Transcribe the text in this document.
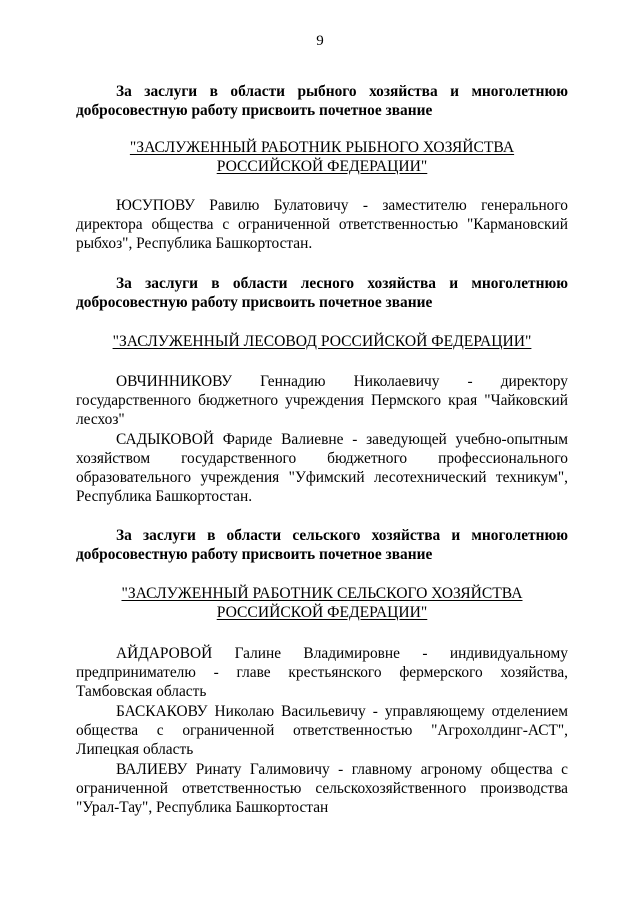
9
За заслуги в области рыбного хозяйства и многолетнюю добросовестную работу присвоить почетное звание
"ЗАСЛУЖЕННЫЙ РАБОТНИК РЫБНОГО ХОЗЯЙСТВА
РОССИЙСКОЙ ФЕДЕРАЦИИ"
ЮСУПОВУ Равилю Булатовичу - заместителю генерального директора общества с ограниченной ответственностью "Кармановский рыбхоз", Республика Башкортостан.
За заслуги в области лесного хозяйства и многолетнюю добросовестную работу присвоить почетное звание
"ЗАСЛУЖЕННЫЙ ЛЕСОВОД РОССИЙСКОЙ ФЕДЕРАЦИИ"
ОВЧИННИКОВУ Геннадию Николаевичу - директору государственного бюджетного учреждения Пермского края "Чайковский лесхоз"
САДЫКОВОЙ Фариде Валиевне - заведующей учебно-опытным хозяйством государственного бюджетного профессионального образовательного учреждения "Уфимский лесотехнический техникум", Республика Башкортостан.
За заслуги в области сельского хозяйства и многолетнюю добросовестную работу присвоить почетное звание
"ЗАСЛУЖЕННЫЙ РАБОТНИК СЕЛЬСКОГО ХОЗЯЙСТВА
РОССИЙСКОЙ ФЕДЕРАЦИИ"
АЙДАРОВОЙ Галине Владимировне - индивидуальному предпринимателю - главе крестьянского фермерского хозяйства, Тамбовская область
БАСКАКОВУ Николаю Васильевичу - управляющему отделением общества с ограниченной ответственностью "Агрохолдинг-АСТ", Липецкая область
ВАЛИЕВУ Ринату Галимовичу - главному агроному общества с ограниченной ответственностью сельскохозяйственного производства "Урал-Тау", Республика Башкортостан
